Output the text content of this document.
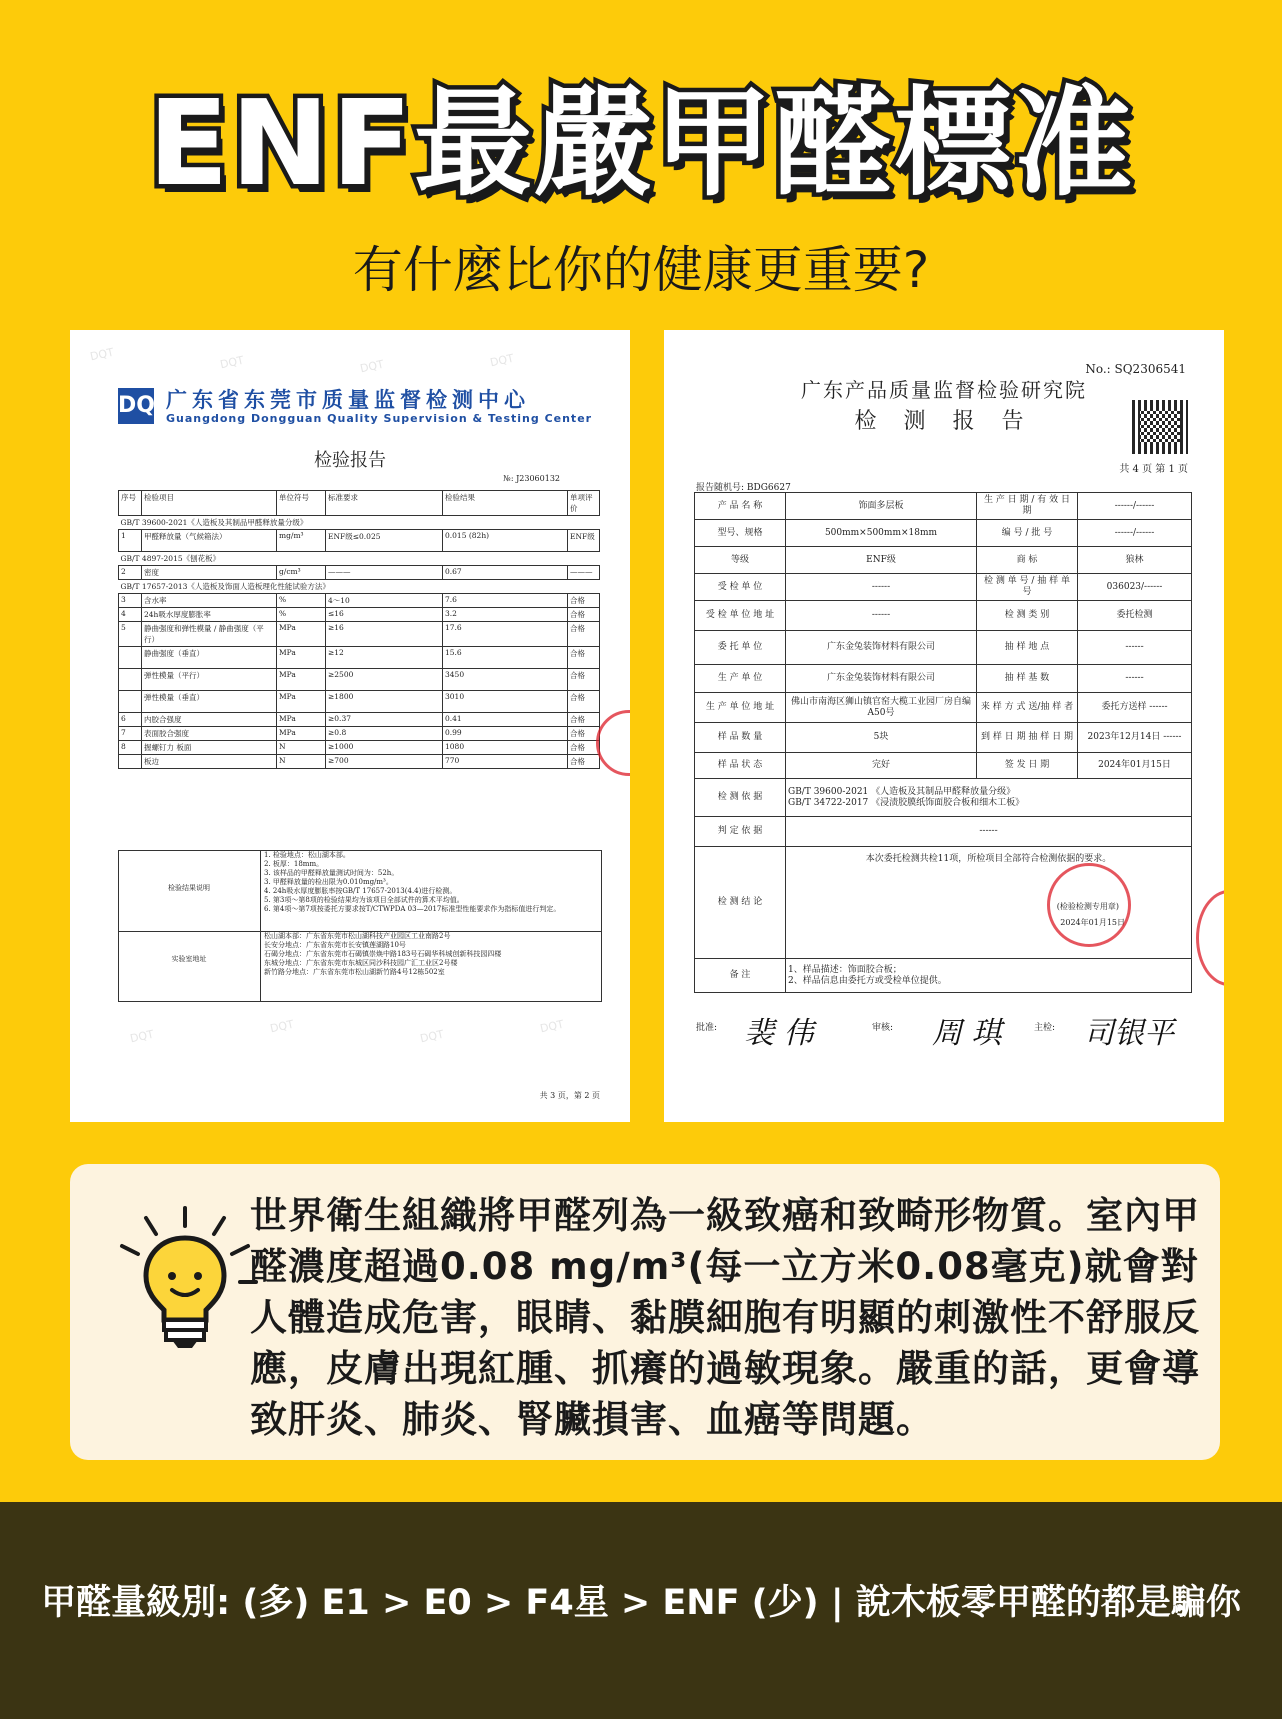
ENF最嚴甲醛標准
有什麼比你的健康更重要?
DQT	DQT	DQT	DQT
DQT
DQT
DQT
DQT
DQ 广东省东莞市质量监督检测中心
Guangdong Dongguan Quality Supervision & Testing Center
检验报告
№: J23060132
序号	检验项目	单位符号	标准要求	检验结果	单项评价
GB/T 39600-2021《人造板及其制品甲醛释放量分级》					
1	甲醛释放量（气候箱法）	mg/m³	ENF级≤0.025	0.015 (82h)	ENF级
GB/T 4897-2015《刨花板》					
2	密度	g/cm³	———	0.67	———
GB/T 17657-2013《人造板及饰面人造板理化性能试验方法》					
3	含水率	%	4～10	7.6	合格
4	24h吸水厚度膨胀率	%	≤16	3.2	合格
5	静曲强度和弹性模量 / 静曲强度（平行）	MPa	≥16	17.6	合格
	静曲强度（垂直）	MPa	≥12	15.6	合格
	弹性模量（平行）	MPa	≥2500	3450	合格
	弹性模量（垂直）	MPa	≥1800	3010	合格
6	内胶合强度	MPa	≥0.37	0.41	合格
7	表面胶合强度	MPa	≥0.8	0.99	合格
8	握螺钉力 板面	N	≥1000	1080	合格
	板边	N	≥700	770	合格
检验结果说明
1. 检验地点：松山湖本部。
2. 板厚：18mm。
3. 该样品的甲醛释放量测试时间为：52h。
3. 甲醛释放量的检出限为0.010mg/m³。
4. 24h吸水厚度膨胀率按GB/T 17657-2013(4.4)进行检测。
5. 第3项～第8项的检验结果均为该项目全部试件的算术平均值。
6. 第4项～第7项按委托方要求按T/CTWPDA 03—2017标准型性能要求作为指标值进行判定。
实验室地址
松山湖本部：广东省东莞市松山湖科技产业园区工业南路2号
长安分地点：广东省东莞市长安镇莲湖路10号
石碣分地点：广东省东莞市石碣镇崇焕中路183号石碣华科城创新科技园四楼
东城分地点：广东省东莞市东城区同沙科技园广汇工业区2号楼
新竹路分地点：广东省东莞市松山湖新竹路4号12栋502室
共 3 页，第 2 页
No.: SQ2306541
广东产品质量监督检验研究院
检 测 报 告
共 4 页 第 1 页
报告随机号: BDG6627
产 品 名 称	饰面多层板	生 产 日 期 / 有 效 日 期	------/------
型号、规格	500mm×500mm×18mm	编 号 / 批 号	------/------
等级	ENF级	商 标	狼林
受 检 单 位	------	检 测 单 号 / 抽 样 单 号	036023/------
受 检 单 位 地 址	------	检 测 类 别	委托检测
委 托 单 位	广东金兔装饰材料有限公司	抽 样 地 点	------
生 产 单 位	广东金兔装饰材料有限公司	抽 样 基 数	------
生 产 单 位 地 址	佛山市南海区狮山镇官窑大榄工业园厂房自编A50号	来 样 方 式 送/抽 样 者	委托方送样 ------
样 品 数 量	5块	到 样 日 期 抽 样 日 期	2023年12月14日 ------
样 品 状 态	完好	签 发 日 期	2024年01月15日
检 测 依 据	GB/T 39600-2021 《人造板及其制品甲醛释放量分级》
GB/T 34722-2017 《浸渍胶膜纸饰面胶合板和细木工板》		

判 定 依 据	------		
检 测 结 论	本次委托检测共检11项，所检项目全部符合检测依据的要求。
(检验检测专用章)
2024年01月15日		

备 注	1、样品描述：饰面胶合板；
2、样品信息由委托方或受检单位提供。		
批准: 裴 伟	审核: 周 琪	主检: 司银平
世界衛生組織將甲醛列為一級致癌和致畸形物質。室內甲醛濃度超過0.08 mg/m³(每一立方米0.08毫克)就會對人體造成危害，眼睛、黏膜細胞有明顯的刺激性不舒服反應，皮膚出現紅腫、抓癢的過敏現象。嚴重的話，更會導致肝炎、肺炎、腎臟損害、血癌等問題。
甲醛量級別: (多) E1 > E0 > F4星 > ENF (少) | 說木板零甲醛的都是騙你
